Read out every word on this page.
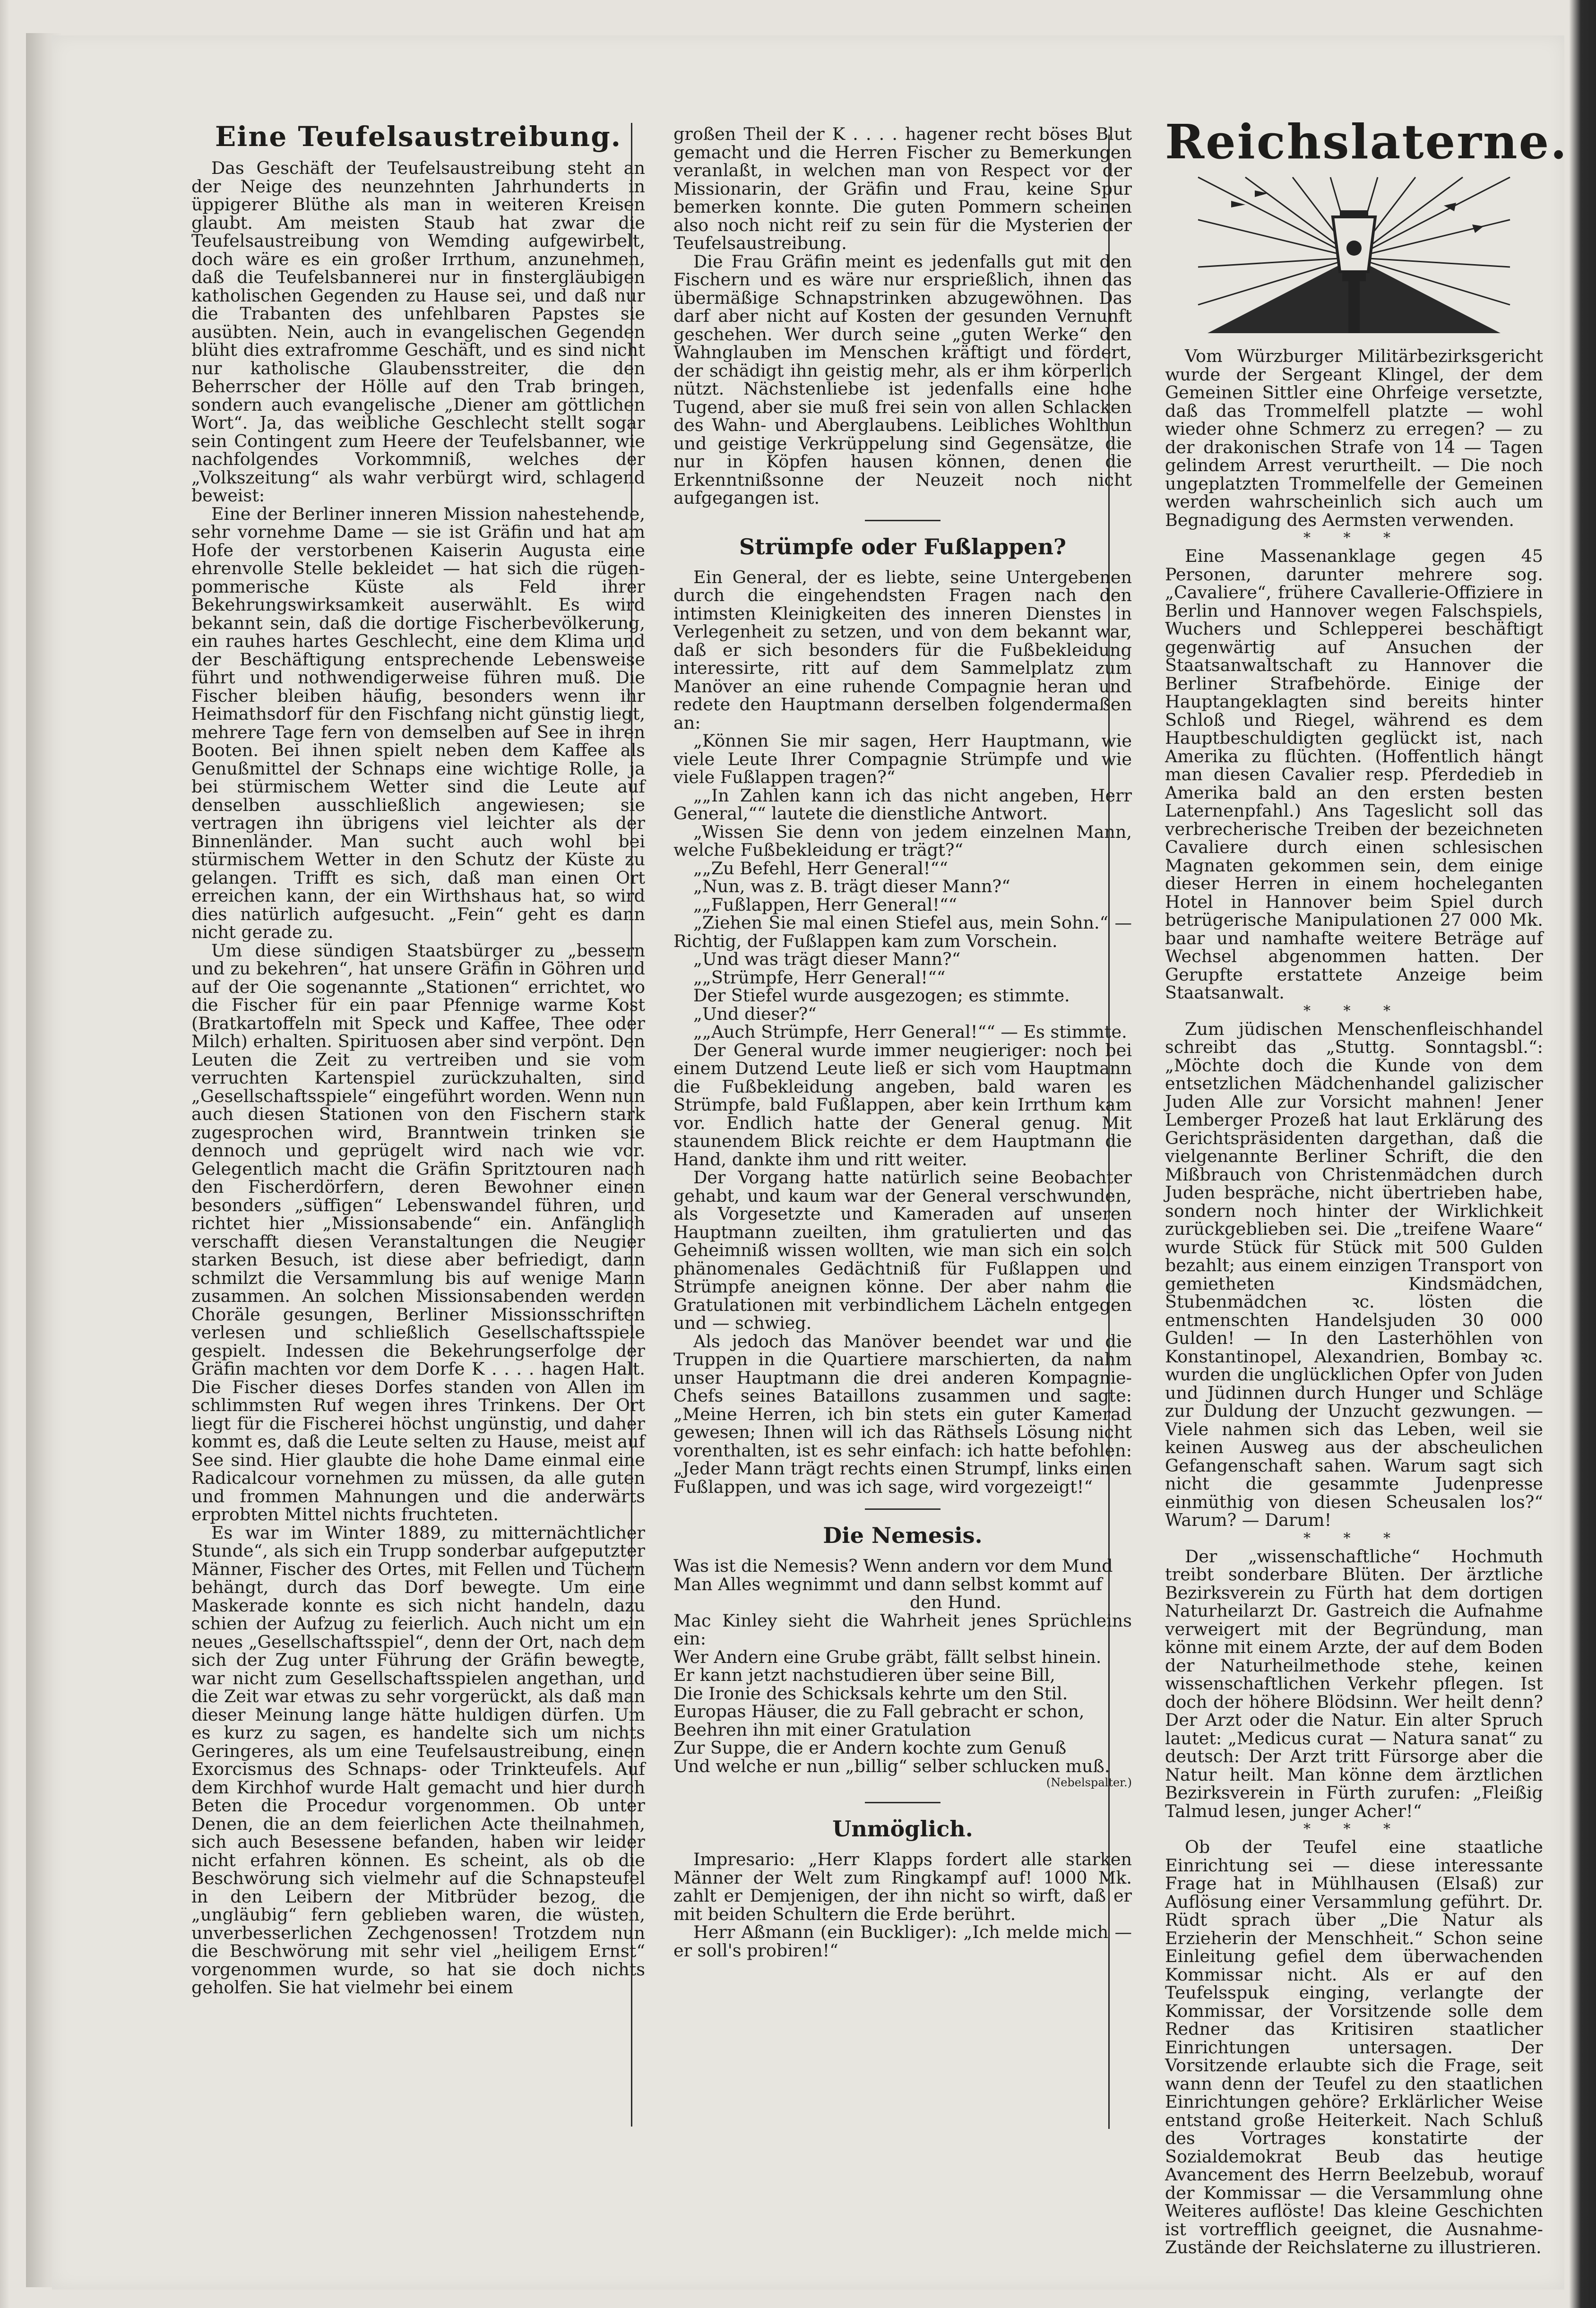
Eine Teufelsaustreibung.

Das Geschäft der Teufelsaustreibung steht an der Neige des neunzehnten Jahrhunderts in üppigerer Blüthe als man in weiteren Kreisen glaubt. Am meisten Staub hat zwar die Teufelsaustreibung von Wemding aufgewirbelt, doch wäre es ein großer Irrthum, anzunehmen, daß die Teufelsbannerei nur in finstergläubigen katholischen Gegenden zu Hause sei, und daß nur die Trabanten des unfehlbaren Papstes sie ausübten. Nein, auch in evangelischen Gegenden blüht dies extrafromme Geschäft, und es sind nicht nur katholische Glaubensstreiter, die den Beherrscher der Hölle auf den Trab bringen, sondern auch evangelische „Diener am göttlichen Wort“. Ja, das weibliche Geschlecht stellt sogar sein Contingent zum Heere der Teufelsbanner, wie nachfolgendes Vorkommniß, welches der „Volkszeitung“ als wahr verbürgt wird, schlagend beweist:

Eine der Berliner inneren Mission nahestehende, sehr vornehme Dame — sie ist Gräfin und hat am Hofe der verstorbenen Kaiserin Augusta eine ehrenvolle Stelle bekleidet — hat sich die rügen-pommerische Küste als Feld ihrer Bekehrungswirksamkeit auserwählt. Es wird bekannt sein, daß die dortige Fischerbevölkerung, ein rauhes hartes Geschlecht, eine dem Klima und der Beschäftigung entsprechende Lebensweise führt und nothwendigerweise führen muß. Die Fischer bleiben häufig, besonders wenn ihr Heimathsdorf für den Fischfang nicht günstig liegt, mehrere Tage fern von demselben auf See in ihren Booten. Bei ihnen spielt neben dem Kaffee als Genußmittel der Schnaps eine wichtige Rolle, ja bei stürmischem Wetter sind die Leute auf denselben ausschließlich angewiesen; sie vertragen ihn übrigens viel leichter als der Binnenländer. Man sucht auch wohl bei stürmischem Wetter in den Schutz der Küste zu gelangen. Trifft es sich, daß man einen Ort erreichen kann, der ein Wirthshaus hat, so wird dies natürlich aufgesucht. „Fein“ geht es dann nicht gerade zu.

Um diese sündigen Staatsbürger zu „bessern und zu bekehren“, hat unsere Gräfin in Göhren und auf der Oie sogenannte „Stationen“ errichtet, wo die Fischer für ein paar Pfennige warme Kost (Bratkartoffeln mit Speck und Kaffee, Thee oder Milch) erhalten. Spirituosen aber sind verpönt. Den Leuten die Zeit zu vertreiben und sie vom verruchten Kartenspiel zurückzuhalten, sind „Gesellschaftsspiele“ eingeführt worden. Wenn nun auch diesen Stationen von den Fischern stark zugesprochen wird, Branntwein trinken sie dennoch und geprügelt wird nach wie vor. Gelegentlich macht die Gräfin Spritztouren nach den Fischerdörfern, deren Bewohner einen besonders „süffigen“ Lebenswandel führen, und richtet hier „Missionsabende“ ein. Anfänglich verschafft diesen Veranstaltungen die Neugier starken Besuch, ist diese aber befriedigt, dann schmilzt die Versammlung bis auf wenige Mann zusammen. An solchen Missionsabenden werden Choräle gesungen, Berliner Missionsschriften verlesen und schließlich Gesellschaftsspiele gespielt. Indessen die Bekehrungserfolge der Gräfin machten vor dem Dorfe K . . . . hagen Halt. Die Fischer dieses Dorfes standen von Allen im schlimmsten Ruf wegen ihres Trinkens. Der Ort liegt für die Fischerei höchst ungünstig, und daher kommt es, daß die Leute selten zu Hause, meist auf See sind. Hier glaubte die hohe Dame einmal eine Radicalcour vornehmen zu müssen, da alle guten und frommen Mahnungen und die anderwärts erprobten Mittel nichts fruchteten.

Es war im Winter 1889, zu mitternächtlicher Stunde“, als sich ein Trupp sonderbar aufgeputzter Männer, Fischer des Ortes, mit Fellen und Tüchern behängt, durch das Dorf bewegte. Um eine Maskerade konnte es sich nicht handeln, dazu schien der Aufzug zu feierlich. Auch nicht um ein neues „Gesellschaftsspiel“, denn der Ort, nach dem sich der Zug unter Führung der Gräfin bewegte, war nicht zum Gesellschaftsspielen angethan, und die Zeit war etwas zu sehr vorgerückt, als daß man dieser Meinung lange hätte huldigen dürfen. Um es kurz zu sagen, es handelte sich um nichts Geringeres, als um eine Teufelsaustreibung, einen Exorcismus des Schnaps- oder Trinkteufels. Auf dem Kirchhof wurde Halt gemacht und hier durch Beten die Procedur vorgenommen. Ob unter Denen, die an dem feierlichen Acte theilnahmen, sich auch Besessene befanden, haben wir leider nicht erfahren können. Es scheint, als ob die Beschwörung sich vielmehr auf die Schnapsteufel in den Leibern der Mitbrüder bezog, die „ungläubig“ fern geblieben waren, die wüsten, unverbesserlichen Zechgenossen! Trotzdem nun die Beschwörung mit sehr viel „heiligem Ernst“ vorgenommen wurde, so hat sie doch nichts geholfen. Sie hat vielmehr bei einem

großen Theil der K . . . . hagener recht böses Blut gemacht und die Herren Fischer zu Bemerkungen veranlaßt, in welchen man von Respect vor der Missionarin, der Gräfin und Frau, keine Spur bemerken konnte. Die guten Pommern scheinen also noch nicht reif zu sein für die Mysterien der Teufelsaustreibung.

Die Frau Gräfin meint es jedenfalls gut mit den Fischern und es wäre nur ersprießlich, ihnen das übermäßige Schnapstrinken abzugewöhnen. Das darf aber nicht auf Kosten der gesunden Vernunft geschehen. Wer durch seine „guten Werke“ den Wahnglauben im Menschen kräftigt und fördert, der schädigt ihn geistig mehr, als er ihm körperlich nützt. Nächstenliebe ist jedenfalls eine hohe Tugend, aber sie muß frei sein von allen Schlacken des Wahn- und Aberglaubens. Leibliches Wohlthun und geistige Verkrüppelung sind Gegensätze, die nur in Köpfen hausen können, denen die Erkenntnißsonne der Neuzeit noch nicht aufgegangen ist.

Strümpfe oder Fußlappen?

Ein General, der es liebte, seine Untergebenen durch die eingehendsten Fragen nach den intimsten Kleinigkeiten des inneren Dienstes in Verlegenheit zu setzen, und von dem bekannt war, daß er sich besonders für die Fußbekleidung interessirte, ritt auf dem Sammelplatz zum Manöver an eine ruhende Compagnie heran und redete den Hauptmann derselben folgendermaßen an:

„Können Sie mir sagen, Herr Hauptmann, wie viele Leute Ihrer Compagnie Strümpfe und wie viele Fußlappen tragen?“

„„In Zahlen kann ich das nicht angeben, Herr General,““ lautete die dienstliche Antwort.

„Wissen Sie denn von jedem einzelnen Mann, welche Fußbekleidung er trägt?“

„„Zu Befehl, Herr General!““

„Nun, was z. B. trägt dieser Mann?“

„„Fußlappen, Herr General!““

„Ziehen Sie mal einen Stiefel aus, mein Sohn.“ — Richtig, der Fußlappen kam zum Vorschein.

„Und was trägt dieser Mann?“

„„Strümpfe, Herr General!““

Der Stiefel wurde ausgezogen; es stimmte.

„Und dieser?“

„„Auch Strümpfe, Herr General!““ — Es stimmte.

Der General wurde immer neugieriger: noch bei einem Dutzend Leute ließ er sich vom Hauptmann die Fußbekleidung angeben, bald waren es Strümpfe, bald Fußlappen, aber kein Irrthum kam vor. Endlich hatte der General genug. Mit staunendem Blick reichte er dem Hauptmann die Hand, dankte ihm und ritt weiter.

Der Vorgang hatte natürlich seine Beobachter gehabt, und kaum war der General verschwunden, als Vorgesetzte und Kameraden auf unseren Hauptmann zueilten, ihm gratulierten und das Geheimniß wissen wollten, wie man sich ein solch phänomenales Gedächtniß für Fußlappen und Strümpfe aneignen könne. Der aber nahm die Gratulationen mit verbindlichem Lächeln entgegen und — schwieg.

Als jedoch das Manöver beendet war und die Truppen in die Quartiere marschierten, da nahm unser Hauptmann die drei anderen Kompagnie-Chefs seines Bataillons zusammen und sagte: „Meine Herren, ich bin stets ein guter Kamerad gewesen; Ihnen will ich das Räthsels Lösung nicht vorenthalten, ist es sehr einfach: ich hatte befohlen: „Jeder Mann trägt rechts einen Strumpf, links einen Fußlappen, und was ich sage, wird vorgezeigt!“

Die Nemesis.

Was ist die Nemesis? Wenn andern vor dem Mund

Man Alles wegnimmt und dann selbst kommt auf

den Hund.

Mac Kinley sieht die Wahrheit jenes Sprüchleins ein:

Wer Andern eine Grube gräbt, fällt selbst hinein.

Er kann jetzt nachstudieren über seine Bill,

Die Ironie des Schicksals kehrte um den Stil.

Europas Häuser, die zu Fall gebracht er schon,

Beehren ihn mit einer Gratulation

Zur Suppe, die er Andern kochte zum Genuß

Und welche er nun „billig“ selber schlucken muß.

(Nebelspalter.)
Unmöglich.

Impresario: „Herr Klapps fordert alle starken Männer der Welt zum Ringkampf auf! 1000 Mk. zahlt er Demjenigen, der ihn nicht so wirft, daß er mit beiden Schultern die Erde berührt.

Herr Aßmann (ein Buckliger): „Ich melde mich — er soll's probiren!“

Reichslaterne.

Vom Würzburger Militärbezirksgericht wurde der Sergeant Klingel, der dem Gemeinen Sittler eine Ohrfeige versetzte, daß das Trommelfell platzte — wohl wieder ohne Schmerz zu erregen? — zu der drakonischen Strafe von 14 — Tagen gelindem Arrest verurtheilt. — Die noch ungeplatzten Trommelfelle der Gemeinen werden wahrscheinlich sich auch um Begnadigung des Aermsten verwenden.

* * *

Eine Massenanklage gegen 45 Personen, darunter mehrere sog. „Cavaliere“, frühere Cavallerie-Offiziere in Berlin und Hannover wegen Falschspiels, Wuchers und Schlepperei beschäftigt gegenwärtig auf Ansuchen der Staatsanwaltschaft zu Hannover die Berliner Strafbehörde. Einige der Hauptangeklagten sind bereits hinter Schloß und Riegel, während es dem Hauptbeschuldigten geglückt ist, nach Amerika zu flüchten. (Hoffentlich hängt man diesen Cavalier resp. Pferdedieb in Amerika bald an den ersten besten Laternenpfahl.) Ans Tageslicht soll das verbrecherische Treiben der bezeichneten Cavaliere durch einen schlesischen Magnaten gekommen sein, dem einige dieser Herren in einem hocheleganten Hotel in Hannover beim Spiel durch betrügerische Manipulationen 27 000 Mk. baar und namhafte weitere Beträge auf Wechsel abgenommen hatten. Der Gerupfte erstattete Anzeige beim Staatsanwalt.

* * *

Zum jüdischen Menschenfleischhandel schreibt das „Stuttg. Sonntagsbl.“: „Möchte doch die Kunde von dem entsetzlichen Mädchenhandel galizischer Juden Alle zur Vorsicht mahnen! Jener Lemberger Prozeß hat laut Erklärung des Gerichtspräsidenten dargethan, daß die vielgenannte Berliner Schrift, die den Mißbrauch von Christenmädchen durch Juden bespräche, nicht übertrieben habe, sondern noch hinter der Wirklichkeit zurückgeblieben sei. Die „treifene Waare“ wurde Stück für Stück mit 500 Gulden bezahlt; aus einem einzigen Transport von gemietheten Kindsmädchen, Stubenmädchen ꝛc. lösten die entmenschten Handelsjuden 30 000 Gulden! — In den Lasterhöhlen von Konstantinopel, Alexandrien, Bombay ꝛc. wurden die unglücklichen Opfer von Juden und Jüdinnen durch Hunger und Schläge zur Duldung der Unzucht gezwungen. — Viele nahmen sich das Leben, weil sie keinen Ausweg aus der abscheulichen Gefangenschaft sahen. Warum sagt sich nicht die gesammte Judenpresse einmüthig von diesen Scheusalen los?“ Warum? — Darum!

* * *

Der „wissenschaftliche“ Hochmuth treibt sonderbare Blüten. Der ärztliche Bezirksverein zu Fürth hat dem dortigen Naturheilarzt Dr. Gastreich die Aufnahme verweigert mit der Begründung, man könne mit einem Arzte, der auf dem Boden der Naturheilmethode stehe, keinen wissenschaftlichen Verkehr pflegen. Ist doch der höhere Blödsinn. Wer heilt denn? Der Arzt oder die Natur. Ein alter Spruch lautet: „Medicus curat — Natura sanat“ zu deutsch: Der Arzt tritt Fürsorge aber die Natur heilt. Man könne dem ärztlichen Bezirksverein in Fürth zurufen: „Fleißig Talmud lesen, junger Acher!“

* * *

Ob der Teufel eine staatliche Einrichtung sei — diese interessante Frage hat in Mühlhausen (Elsaß) zur Auflösung einer Versammlung geführt. Dr. Rüdt sprach über „Die Natur als Erzieherin der Menschheit.“ Schon seine Einleitung gefiel dem überwachenden Kommissar nicht. Als er auf den Teufelsspuk einging, verlangte der Kommissar, der Vorsitzende solle dem Redner das Kritisiren staatlicher Einrichtungen untersagen. Der Vorsitzende erlaubte sich die Frage, seit wann denn der Teufel zu den staatlichen Einrichtungen gehöre? Erklärlicher Weise entstand große Heiterkeit. Nach Schluß des Vortrages konstatirte der Sozialdemokrat Beub das heutige Avancement des Herrn Beelzebub, worauf der Kommissar — die Versammlung ohne Weiteres auflöste! Das kleine Geschichten ist vortrefflich geeignet, die Ausnahme-Zustände der Reichslaterne zu illustrieren.
